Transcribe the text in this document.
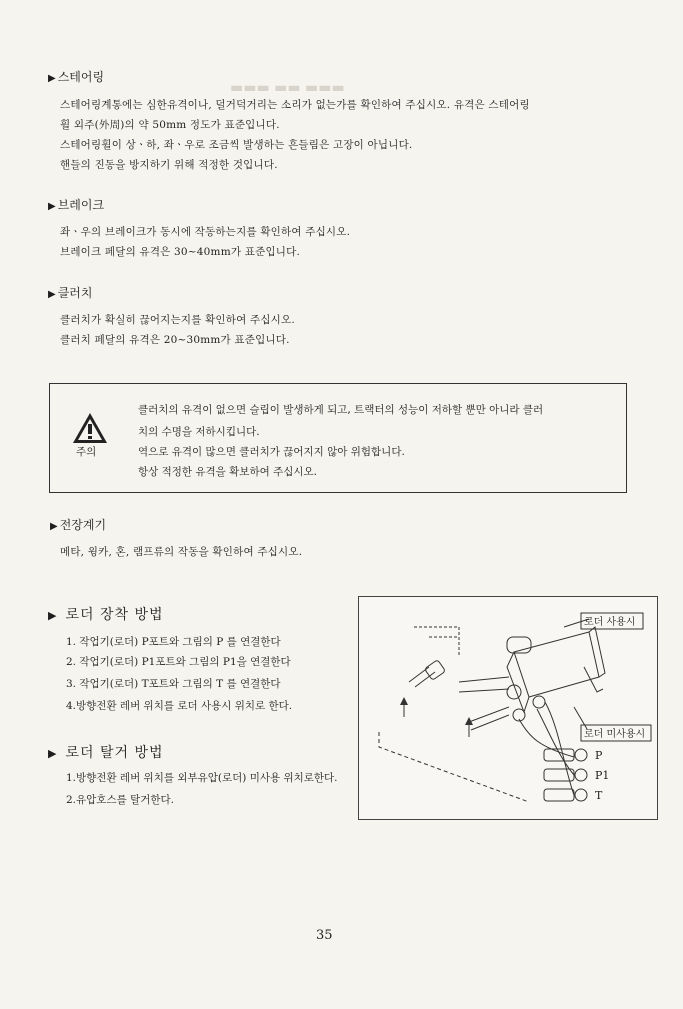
▬▬▬ ▬▬ ▬▬▬
▶ 스테어링
스테어링계통에는 심한유격이나, 덜거덕거리는 소리가 없는가를 확인하여 주십시오. 유격은 스테어링
휠 외주(外周)의 약 50mm 정도가 표준입니다.
스테어링휠이 상ㆍ하, 좌ㆍ우로 조금씩 발생하는 흔들림은 고장이 아닙니다.
핸들의 진동을 방지하기 위해 적정한 것입니다.
▶ 브레이크
좌ㆍ우의 브레이크가 동시에 작동하는지를 확인하여 주십시오.
브레이크 페달의 유격은 30~40mm가 표준입니다.
▶ 클러치
클러치가 확실히 끊어지는지를 확인하여 주십시오.
클러치 페달의 유격은 20~30mm가 표준입니다.
주의
클러치의 유격이 없으면 슬립이 발생하게 되고, 트랙터의 성능이 저하할 뿐만 아니라 클러
치의 수명을 저하시킵니다.
역으로 유격이 많으면 클러치가 끊어지지 않아 위험합니다.
항상 적정한 유격을 확보하여 주십시오.
▶ 전장계기
메타, 윙카, 혼, 램프류의 작동을 확인하여 주십시오.
▶ 로더 장착 방법
1. 작업기(로더) P포트와 그림의 P 를 연결한다
2. 작업기(로더) P1포트와 그림의 P1을 연결한다
3. 작업기(로더) T포트와 그림의 T 를 연결한다
4.방향전환 레버 위치를 로더 사용시 위치로 한다.
▶ 로더 탈거 방법
1.방향전환 레버 위치를 외부유압(로더) 미사용 위치로한다.
2.유압호스를 탈거한다.
로더 사용시
로더 미사용시
P
P1
T
35
